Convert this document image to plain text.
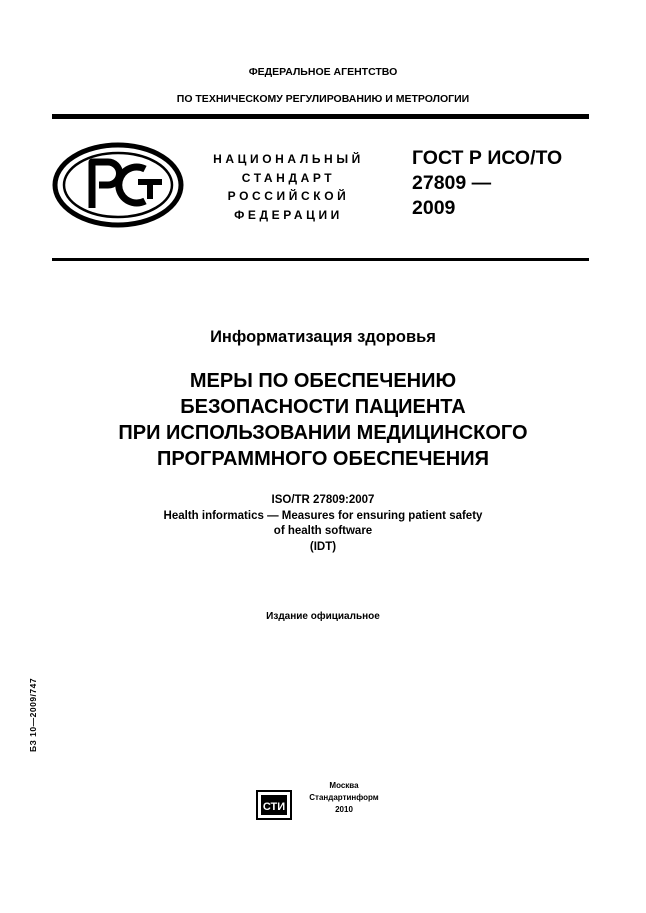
ФЕДЕРАЛЬНОЕ АГЕНТСТВО
ПО ТЕХНИЧЕСКОМУ РЕГУЛИРОВАНИЮ И МЕТРОЛОГИИ
НАЦИОНАЛЬНЫЙ
СТАНДАРТ
РОССИЙСКОЙ
ФЕДЕРАЦИИ
ГОСТ Р ИСО/ТО
27809 —
2009
Информатизация здоровья
МЕРЫ ПО ОБЕСПЕЧЕНИЮ
БЕЗОПАСНОСТИ ПАЦИЕНТА
ПРИ ИСПОЛЬЗОВАНИИ МЕДИЦИНСКОГО
ПРОГРАММНОГО ОБЕСПЕЧЕНИЯ
ISO/TR 27809:2007
Health informatics — Measures for ensuring patient safety
of health software
(IDT)
Издание официальное
БЗ 10—2009/747
СТИ
Москва
Стандартинформ
2010
